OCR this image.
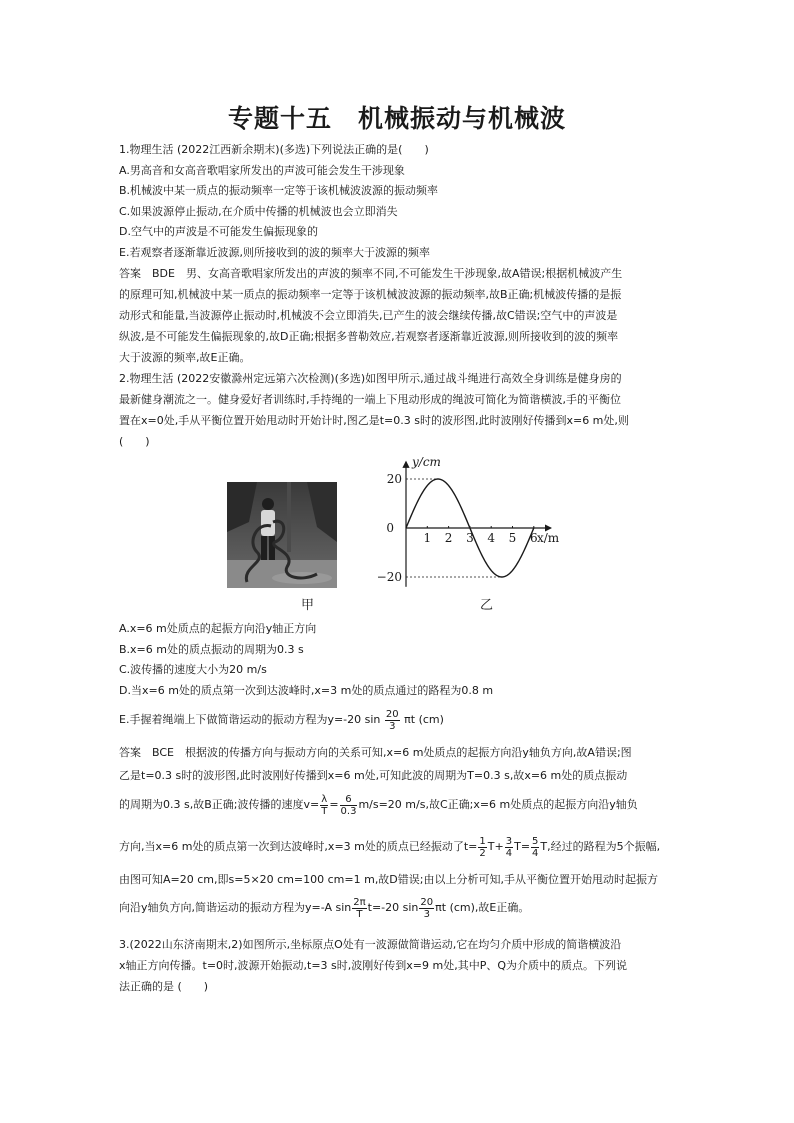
专题十五　机械振动与机械波
1.物理生活 (2022江西新余期末)(多选)下列说法正确的是(　　)
A.男高音和女高音歌唱家所发出的声波可能会发生干涉现象
B.机械波中某一质点的振动频率一定等于该机械波波源的振动频率
C.如果波源停止振动,在介质中传播的机械波也会立即消失
D.空气中的声波是不可能发生偏振现象的
E.若观察者逐渐靠近波源,则所接收到的波的频率大于波源的频率
答案　BDE　男、女高音歌唱家所发出的声波的频率不同,不可能发生干涉现象,故A错误;根据机械波产生
的原理可知,机械波中某一质点的振动频率一定等于该机械波波源的振动频率,故B正确;机械波传播的是振
动形式和能量,当波源停止振动时,机械波不会立即消失,已产生的波会继续传播,故C错误;空气中的声波是
纵波,是不可能发生偏振现象的,故D正确;根据多普勒效应,若观察者逐渐靠近波源,则所接收到的波的频率
大于波源的频率,故E正确。
2.物理生活 (2022安徽滁州定远第六次检测)(多选)如图甲所示,通过战斗绳进行高效全身训练是健身房的
最新健身潮流之一。健身爱好者训练时,手持绳的一端上下甩动形成的绳波可简化为简谐横波,手的平衡位
置在x=0处,手从平衡位置开始甩动时开始计时,图乙是t=0.3 s时的波形图,此时波刚好传播到x=6 m处,则
(　　)
甲
1 2 3 4 5 6
20
0
−20
y/cm
x/m
乙
A.x=6 m处质点的起振方向沿y轴正方向
B.x=6 m处的质点振动的周期为0.3 s
C.波传播的速度大小为20 m/s
D.当x=6 m处的质点第一次到达波峰时,x=3 m处的质点通过的路程为0.8 m
E.手握着绳端上下做简谐运动的振动方程为y=-20 $\sin \frac{20}{3}$ πt (cm)
答案　BCE　根据波的传播方向与振动方向的关系可知,x=6 m处质点的起振方向沿y轴负方向,故A错误;图
乙是t=0.3 s时的波形图,此时波刚好传播到x=6 m处,可知此波的周期为T=0.3 s,故x=6 m处的质点振动
的周期为0.3 s,故B正确;波传播的速度$v= \frac{\lambda}{T} = \frac{6}{0.3} m/s=20$ m/s,故C正确;x=6 m处质点的起振方向沿y轴负
方向,当x=6 m处的质点第一次到达波峰时,x=3 m处的质点已经振动了$t= \frac{1}{2} T+ \frac{3}{4} T= \frac{5}{4} T$,经过的路程为5个振幅,
由图可知A=20 cm,即s=5×20 cm=100 cm=1 m,故D错误;由以上分析可知,手从平衡位置开始甩动时起振方
向沿y轴负方向,简谐运动的振动方程为y=-A $\sin \frac{2\pi}{T} t=-20$ $\sin \frac{20}{3}$ πt (cm),故E正确。
3.(2022山东济南期末,2)如图所示,坐标原点O处有一波源做简谐运动,它在均匀介质中形成的简谐横波沿
x轴正方向传播。t=0时,波源开始振动,t=3 s时,波刚好传到x=9 m处,其中P、Q为介质中的质点。下列说
法正确的是 (　　)
